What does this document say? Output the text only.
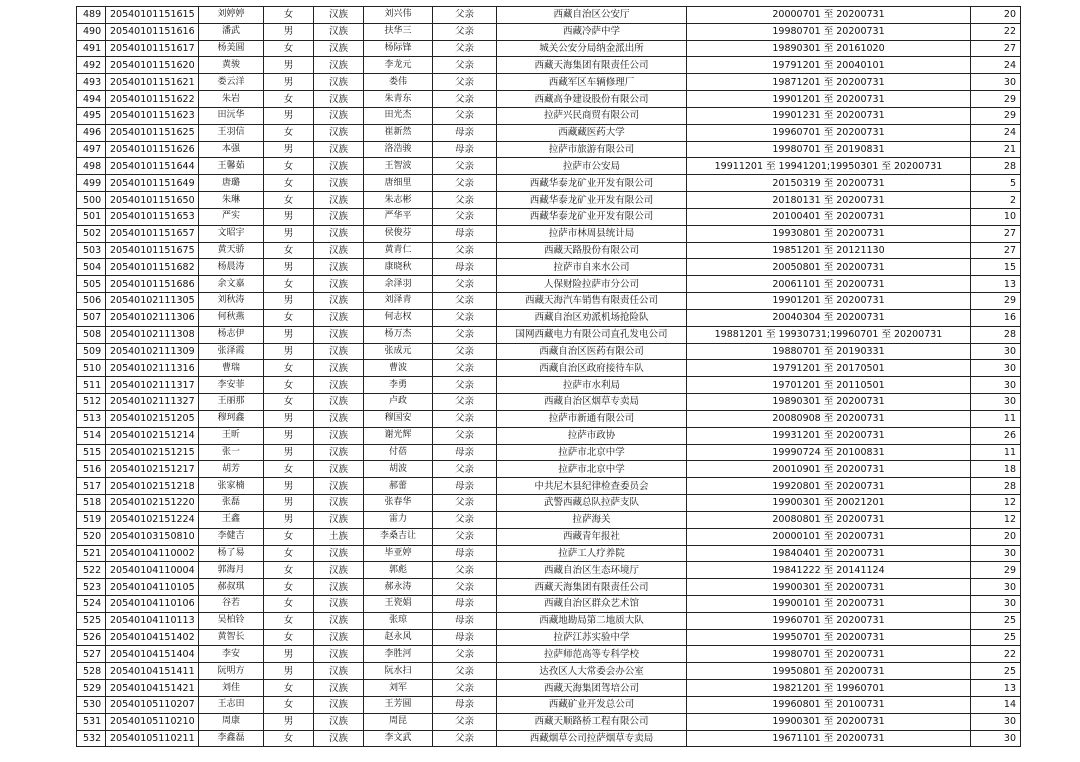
489	20540101151615	刘婷婷	女	汉族	刘兴伟	父亲	西藏自治区公安厅	20000701 至 20200731	20
490	20540101151616	潘武	男	汉族	扶华三	父亲	西藏冷萨中学	19980701 至 20200731	22
491	20540101151617	杨美圆	女	汉族	杨际锋	父亲	城关公安分局纳金派出所	19890301 至 20161020	27
492	20540101151620	黄骏	男	汉族	李龙元	父亲	西藏天海集团有限责任公司	19791201 至 20040101	24
493	20540101151621	娄云洋	男	汉族	娄伟	父亲	西藏军区车辆修理厂	19871201 至 20200731	30
494	20540101151622	朱岩	女	汉族	朱青东	父亲	西藏高争建设股份有限公司	19901201 至 20200731	29
495	20540101151623	田沅华	男	汉族	田光杰	父亲	拉萨兴民商贸有限公司	19901231 至 20200731	29
496	20540101151625	王羽信	女	汉族	崔新然	母亲	西藏藏医药大学	19960701 至 20200731	24
497	20540101151626	本强	男	汉族	洛浩骏	母亲	拉萨市旅游有限公司	19980701 至 20190831	21
498	20540101151644	王馨茹	女	汉族	王智波	父亲	拉萨市公安局	19911201 至 19941201;19950301 至 20200731	28
499	20540101151649	唐璐	女	汉族	唐细里	父亲	西藏华泰龙矿业开发有限公司	20150319 至 20200731	5
500	20540101151650	朱琳	女	汉族	朱志彬	父亲	西藏华泰龙矿业开发有限公司	20180131 至 20200731	2
501	20540101151653	严实	男	汉族	严华平	父亲	西藏华泰龙矿业开发有限公司	20100401 至 20200731	10
502	20540101151657	文昭宇	男	汉族	侯俊芬	母亲	拉萨市林周县统计局	19930801 至 20200731	27
503	20540101151675	黄天骄	女	汉族	黄青仁	父亲	西藏天路股份有限公司	19851201 至 20121130	27
504	20540101151682	杨晨涛	男	汉族	康晓秋	母亲	拉萨市自来水公司	20050801 至 20200731	15
505	20540101151686	余文嘉	女	汉族	余泽羽	父亲	人保财险拉萨市分公司	20061101 至 20200731	13
506	20540102111305	刘秋涛	男	汉族	刘泽青	父亲	西藏天海汽车销售有限责任公司	19901201 至 20200731	29
507	20540102111306	何秋燕	女	汉族	何志权	父亲	西藏自治区劝派机场抢险队	20040304 至 20200731	16
508	20540102111308	杨志伊	男	汉族	杨万杰	父亲	国网西藏电力有限公司直孔发电公司	19881201 至 19930731;19960701 至 20200731	28
509	20540102111309	张泽霞	男	汉族	张成元	父亲	西藏自治区医药有限公司	19880701 至 20190331	30
510	20540102111316	曹瑞	女	汉族	曹波	父亲	西藏自治区政府接待车队	19791201 至 20170501	30
511	20540102111317	李安菲	女	汉族	李勇	父亲	拉萨市水利局	19701201 至 20110501	30
512	20540102111327	王丽那	女	汉族	卢政	父亲	西藏自治区烟草专卖局	19890301 至 20200731	30
513	20540102151205	穆珂鑫	男	汉族	穆国安	父亲	拉萨市新通有限公司	20080908 至 20200731	11
514	20540102151214	王昕	男	汉族	谢光辉	父亲	拉萨市政协	19931201 至 20200731	26
515	20540102151215	张一	男	汉族	付蓓	母亲	拉萨市北京中学	19990724 至 20100831	11
516	20540102151217	胡芳	女	汉族	胡波	父亲	拉萨市北京中学	20010901 至 20200731	18
517	20540102151218	张家楠	男	汉族	郝蕾	母亲	中共尼木县纪律检查委员会	19920801 至 20200731	28
518	20540102151220	张磊	男	汉族	张春华	父亲	武警西藏总队拉萨支队	19900301 至 20021201	12
519	20540102151224	王鑫	男	汉族	雷力	父亲	拉萨海关	20080801 至 20200731	12
520	20540103150810	李健吉	女	土族	李桑吉让	父亲	西藏青年报社	20000101 至 20200731	20
521	20540104110002	杨了易	女	汉族	毕亚婷	母亲	拉萨工人疗养院	19840401 至 20200731	30
522	20540104110004	郭海月	女	汉族	郭彪	父亲	西藏自治区生态环境厅	19841222 至 20141124	29
523	20540104110105	郝叔琪	女	汉族	郝永涛	父亲	西藏天海集团有限责任公司	19900301 至 20200731	30
524	20540104110106	谷若	女	汉族	王瓷娟	母亲	西藏自治区群众艺术馆	19900101 至 20200731	30
525	20540104110113	吴柏铃	女	汉族	张琼	母亲	西藏地勘局第二地质大队	19960701 至 20200731	25
526	20540104151402	黄智长	女	汉族	赵永风	母亲	拉萨江苏实验中学	19950701 至 20200731	25
527	20540104151404	李安	男	汉族	李胜河	父亲	拉萨师范高等专科学校	19980701 至 20200731	22
528	20540104151411	阮明方	男	汉族	阮水扫	父亲	达孜区人大常委会办公室	19950801 至 20200731	25
529	20540104151421	刘佳	女	汉族	刘军	父亲	西藏天海集团驾培公司	19821201 至 19960701	13
530	20540105110207	王志田	女	汉族	王芳圆	母亲	西藏矿业开发总公司	19960801 至 20100731	14
531	20540105110210	周康	男	汉族	周昆	父亲	西藏天顺路桥工程有限公司	19900301 至 20200731	30
532	20540105110211	李鑫磊	女	汉族	李文武	父亲	西藏烟草公司拉萨烟草专卖局	19671101 至 20200731	30
